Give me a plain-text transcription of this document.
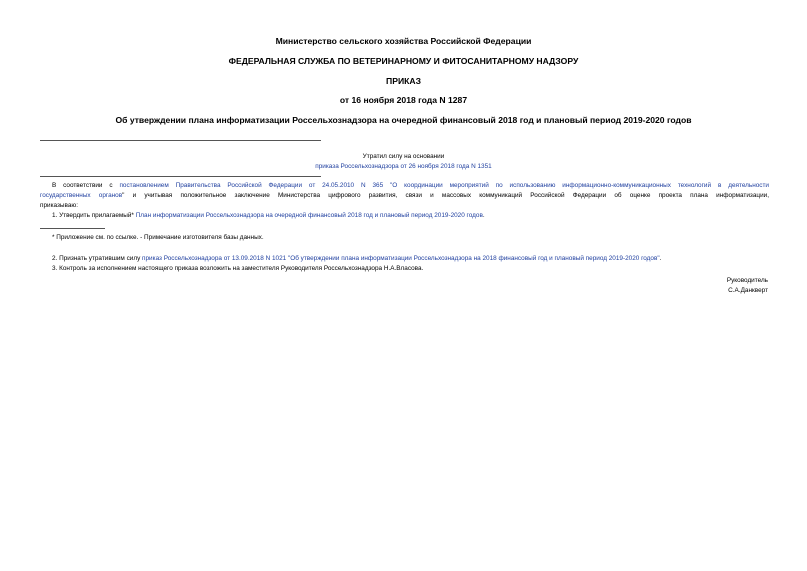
Министерство сельского хозяйства Российской Федерации
ФЕДЕРАЛЬНАЯ СЛУЖБА ПО ВЕТЕРИНАРНОМУ И ФИТОСАНИТАРНОМУ НАДЗОРУ
ПРИКАЗ
от 16 ноября 2018 года N 1287
Об утверждении плана информатизации Россельхознадзора на очередной финансовый 2018 год и плановый период 2019-2020 годов
Утратил силу на основании
приказа Россельхознадзора от 26 ноября 2018 года N 1351
В соответствии с постановлением Правительства Российской Федерации от 24.05.2010 N 365 "О координации мероприятий по использованию информационно-коммуникационных технологий в деятельности
государственных органов" и учитывая положительное заключение Министерства цифрового развития, связи и массовых коммуникаций Российской Федерации об оценке проекта плана информатизации,
приказываю:
1. Утвердить прилагаемый* План информатизации Россельхознадзора на очередной финансовый 2018 год и плановый период 2019-2020 годов.
* Приложение см. по ссылке. - Примечание изготовителя базы данных.
2. Признать утратившим силу приказ Россельхознадзора от 13.09.2018 N 1021 "Об утверждении плана информатизации Россельхознадзора на 2018 финансовый год и плановый период 2019-2020 годов".
3. Контроль за исполнением настоящего приказа возложить на заместителя Руководителя Россельхознадзора Н.А.Власова.
Руководитель
С.А.Данкверт
